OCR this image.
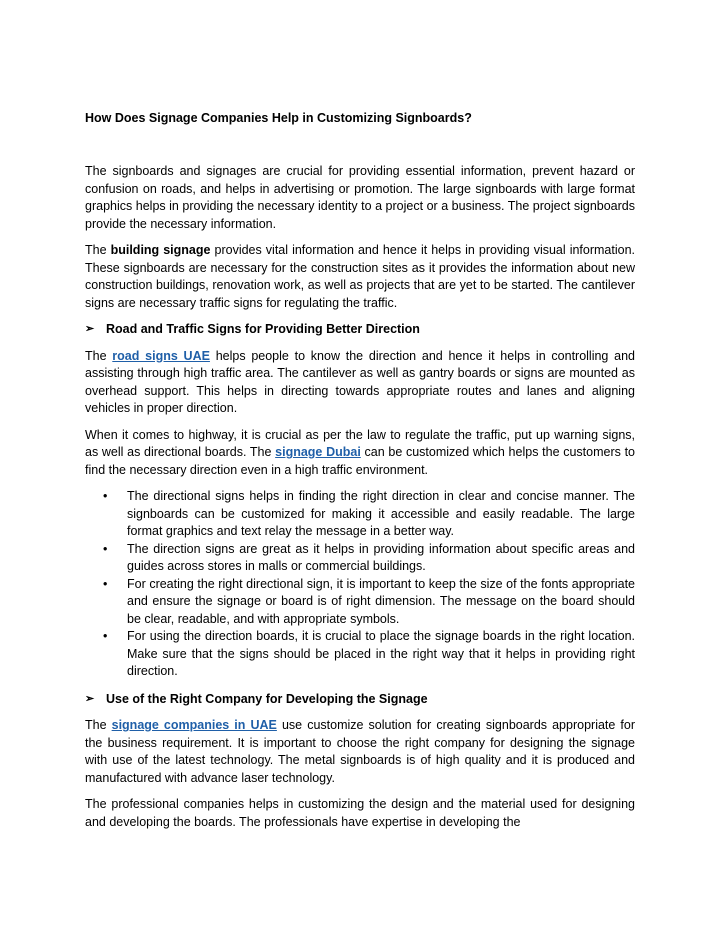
How Does Signage Companies Help in Customizing Signboards?

The signboards and signages are crucial for providing essential information, prevent hazard or confusion on roads, and helps in advertising or promotion. The large signboards with large format graphics helps in providing the necessary identity to a project or a business. The project signboards provide the necessary information.

The building signage provides vital information and hence it helps in providing visual information. These signboards are necessary for the construction sites as it provides the information about new construction buildings, renovation work, as well as projects that are yet to be started. The cantilever signs are necessary traffic signs for regulating the traffic.

➢ Road and Traffic Signs for Providing Better Direction

The road signs UAE helps people to know the direction and hence it helps in controlling and assisting through high traffic area. The cantilever as well as gantry boards or signs are mounted as overhead support. This helps in directing towards appropriate routes and lanes and aligning vehicles in proper direction.

When it comes to highway, it is crucial as per the law to regulate the traffic, put up warning signs, as well as directional boards. The signage Dubai can be customized which helps the customers to find the necessary direction even in a high traffic environment.

• The directional signs helps in finding the right direction in clear and concise manner. The signboards can be customized for making it accessible and easily readable. The large format graphics and text relay the message in a better way.
• The direction signs are great as it helps in providing information about specific areas and guides across stores in malls or commercial buildings.
• For creating the right directional sign, it is important to keep the size of the fonts appropriate and ensure the signage or board is of right dimension. The message on the board should be clear, readable, and with appropriate symbols.
• For using the direction boards, it is crucial to place the signage boards in the right location. Make sure that the signs should be placed in the right way that it helps in providing right direction.
➢ Use of the Right Company for Developing the Signage

The signage companies in UAE use customize solution for creating signboards appropriate for the business requirement. It is important to choose the right company for designing the signage with use of the latest technology. The metal signboards is of high quality and it is produced and manufactured with advance laser technology.

The professional companies helps in customizing the design and the material used for designing and developing the boards. The professionals have expertise in developing the
